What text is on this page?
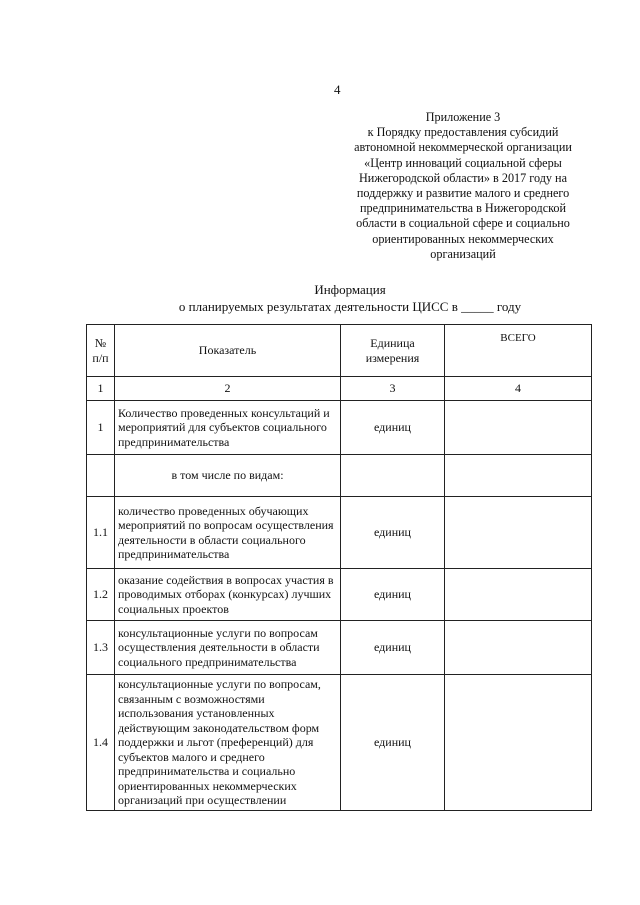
4
Приложение 3
к Порядку предоставления субсидий
автономной некоммерческой организации
«Центр инноваций социальной сферы
Нижегородской области» в 2017 году на
поддержку и развитие малого и среднего
предпринимательства в Нижегородской
области в социальной сфере и социально
ориентированных некоммерческих
организаций
Информация
о планируемых результатах деятельности ЦИСС в _____ году
№ п/п	Показатель	Единица измерения	ВСЕГО
1	2	3	4
1	Количество проведенных консультаций и мероприятий для субъектов социального предпринимательства	единиц	
	в том числе по видам:		
1.1	количество проведенных обучающих мероприятий по вопросам осуществления деятельности в области социального предпринимательства	единиц	
1.2	оказание содействия в вопросах участия в проводимых отборах (конкурсах) лучших социальных проектов	единиц	
1.3	консультационные услуги по вопросам осуществления деятельности в области социального предпринимательства	единиц	
1.4	консультационные услуги по вопросам, связанным с возможностями использования установленных действующим законодательством форм поддержки и льгот (преференций) для субъектов малого и среднего предпринимательства и социально ориентированных некоммерческих организаций при осуществлении	единиц	
